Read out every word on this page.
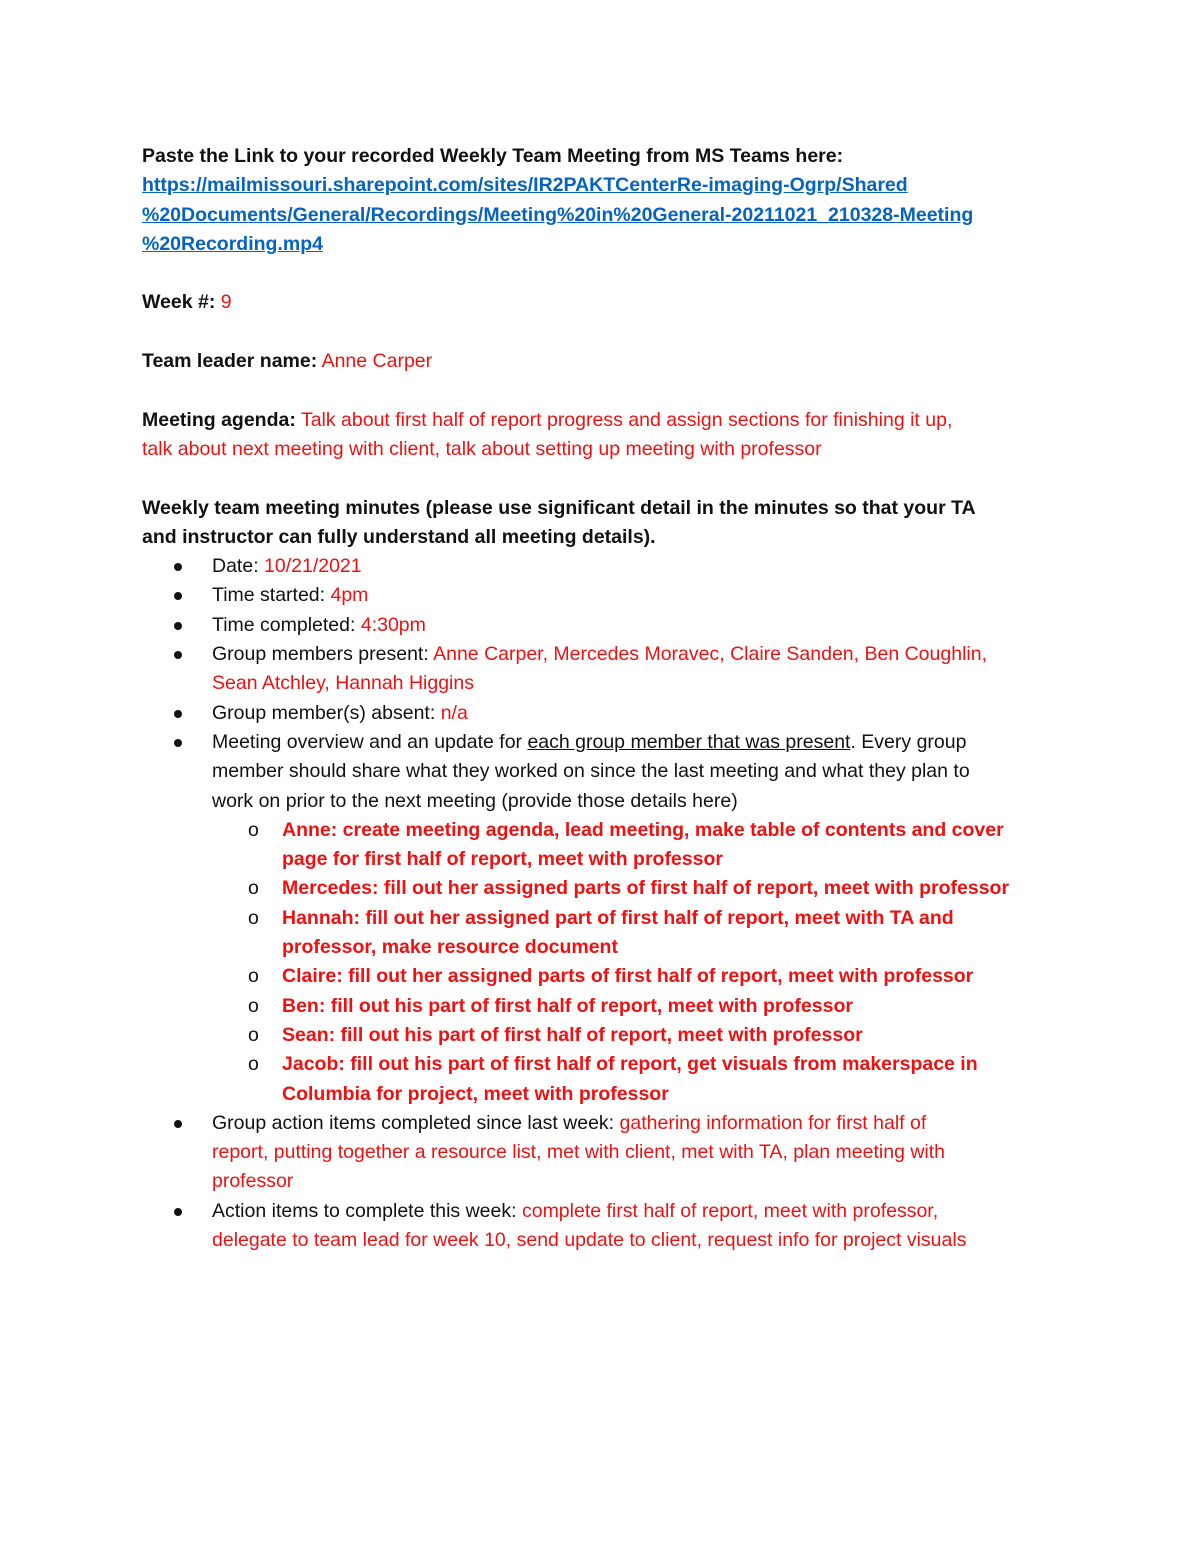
Paste the Link to your recorded Weekly Team Meeting from MS Teams here:
https://mailmissouri.sharepoint.com/sites/IR2PAKTCenterRe-imaging-Ogrp/Shared
%20Documents/General/Recordings/Meeting%20in%20General-20211021_210328-Meeting
%20Recording.mp4
Week #: 9
Team leader name: Anne Carper
Meeting agenda: Talk about first half of report progress and assign sections for finishing it up,
talk about next meeting with client, talk about setting up meeting with professor
Weekly team meeting minutes (please use significant detail in the minutes so that your TA
and instructor can fully understand all meeting details).
Date: 10/21/2021
Time started: 4pm
Time completed: 4:30pm
Group members present: Anne Carper, Mercedes Moravec, Claire Sanden, Ben Coughlin,
Sean Atchley, Hannah Higgins
Group member(s) absent: n/a
Meeting overview and an update for each group member that was present. Every group
member should share what they worked on since the last meeting and what they plan to
work on prior to the next meeting (provide those details here)
o Anne: create meeting agenda, lead meeting, make table of contents and cover
page for first half of report, meet with professor
o Mercedes: fill out her assigned parts of first half of report, meet with professor
o Hannah: fill out her assigned part of first half of report, meet with TA and
professor, make resource document
o Claire: fill out her assigned parts of first half of report, meet with professor
o Ben: fill out his part of first half of report, meet with professor
o Sean: fill out his part of first half of report, meet with professor
o Jacob: fill out his part of first half of report, get visuals from makerspace in
Columbia for project, meet with professor
Group action items completed since last week: gathering information for first half of
report, putting together a resource list, met with client, met with TA, plan meeting with
professor
Action items to complete this week: complete first half of report, meet with professor,
delegate to team lead for week 10, send update to client, request info for project visuals
